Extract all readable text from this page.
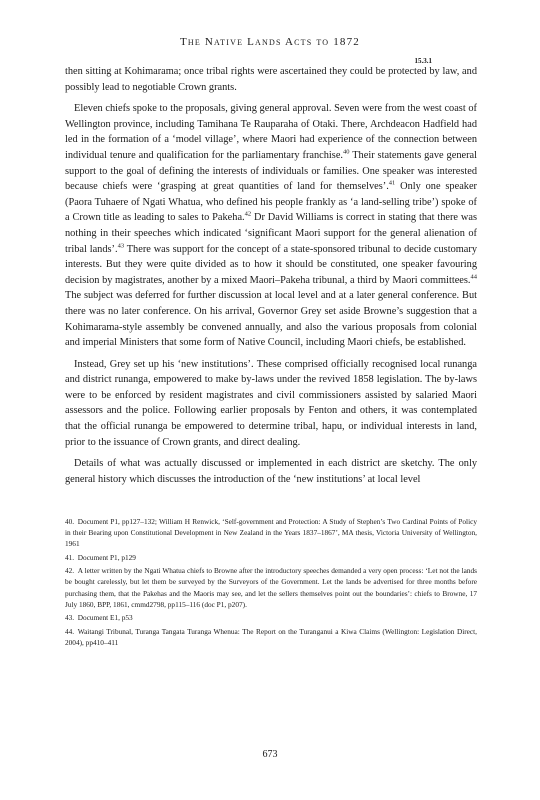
The Native Lands Acts to 1872
15.3.1

then sitting at Kohimarama; once tribal rights were ascertained they could be protected by law, and possibly lead to negotiable Crown grants.

Eleven chiefs spoke to the proposals, giving general approval. Seven were from the west coast of Wellington province, including Tamihana Te Rauparaha of Otaki. There, Archdeacon Hadfield had led in the formation of a ‘model village’, where Maori had experience of the connection between individual tenure and qualification for the parliamentary franchise.$^{40}$ Their statements gave general support to the goal of defining the interests of individuals or families. One speaker was interested because chiefs were ‘grasping at great quantities of land for themselves’.$^{41}$ Only one speaker (Paora Tuhaere of Ngati Whatua, who defined his people frankly as ‘a land-selling tribe’) spoke of a Crown title as leading to sales to Pakeha.$^{42}$ Dr David Williams is correct in stating that there was nothing in their speeches which indicated ‘significant Maori support for the general alienation of tribal lands’.$^{43}$ There was support for the concept of a state-sponsored tribunal to decide customary interests. But they were quite divided as to how it should be constituted, one speaker favouring decision by magistrates, another by a mixed Maori–Pakeha tribunal, a third by Maori committees.$^{44}$ The subject was deferred for further discussion at local level and at a later general conference. But there was no later conference. On his arrival, Governor Grey set aside Browne’s suggestion that a Kohimarama-style assembly be convened annually, and also the various proposals from colonial and imperial Ministers that some form of Native Council, including Maori chiefs, be established.

Instead, Grey set up his ‘new institutions’. These comprised officially recognised local runanga and district runanga, empowered to make by-laws under the revived 1858 legislation. The by-laws were to be enforced by resident magistrates and civil commissioners assisted by salaried Maori assessors and the police. Following earlier proposals by Fenton and others, it was contemplated that the official runanga be empowered to determine tribal, hapu, or individual interests in land, prior to the issuance of Crown grants, and direct dealing.

Details of what was actually discussed or implemented in each district are sketchy. The only general history which discusses the introduction of the ‘new institutions’ at local level

40. Document P1, pp127–132; William H Renwick, ‘Self-government and Protection: A Study of Stephen’s Two Cardinal Points of Policy in their Bearing upon Constitutional Development in New Zealand in the Years 1837–1867’, MA thesis, Victoria University of Wellington, 1961
41. Document P1, p129
42. A letter written by the Ngati Whatua chiefs to Browne after the introductory speeches demanded a very open process: ‘Let not the lands be bought carelessly, but let them be surveyed by the Surveyors of the Government. Let the lands be advertised for three months before purchasing them, that the Pakehas and the Maoris may see, and let the sellers themselves point out the boundaries’: chiefs to Browne, 17 July 1860, BPP, 1861, cmmd2798, pp115–116 (doc P1, p207).
43. Document E1, p53
44. Waitangi Tribunal, Turanga Tangata Turanga Whenua: The Report on the Turanganui a Kiwa Claims (Wellington: Legislation Direct, 2004), pp410–411
673
